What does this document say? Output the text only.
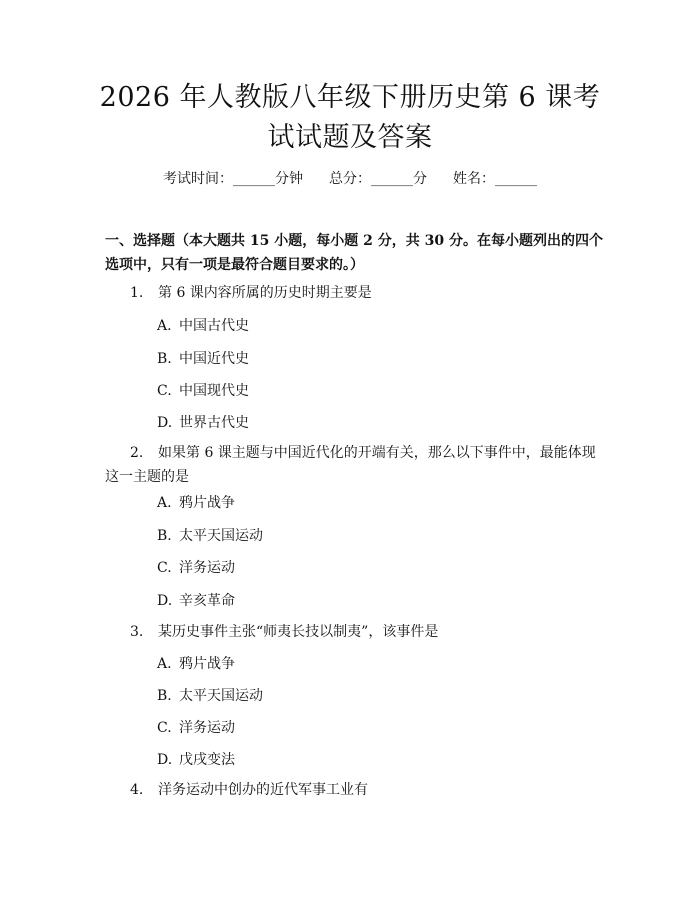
2026 年人教版八年级下册历史第 6 课考试试题及答案
考试时间：______分钟 总分：______分 姓名：______
一、选择题（本大题共 15 小题，每小题 2 分，共 30 分。在每小题列出的四个选项中，只有一项是最符合题目要求的。）
1. 第 6 课内容所属的历史时期主要是
A. 中国古代史
B. 中国近代史
C. 中国现代史
D. 世界古代史
2. 如果第 6 课主题与中国近代化的开端有关，那么以下事件中，最能体现这一主题的是
A. 鸦片战争
B. 太平天国运动
C. 洋务运动
D. 辛亥革命
3. 某历史事件主张“师夷长技以制夷”，该事件是
A. 鸦片战争
B. 太平天国运动
C. 洋务运动
D. 戊戌变法
4. 洋务运动中创办的近代军事工业有
